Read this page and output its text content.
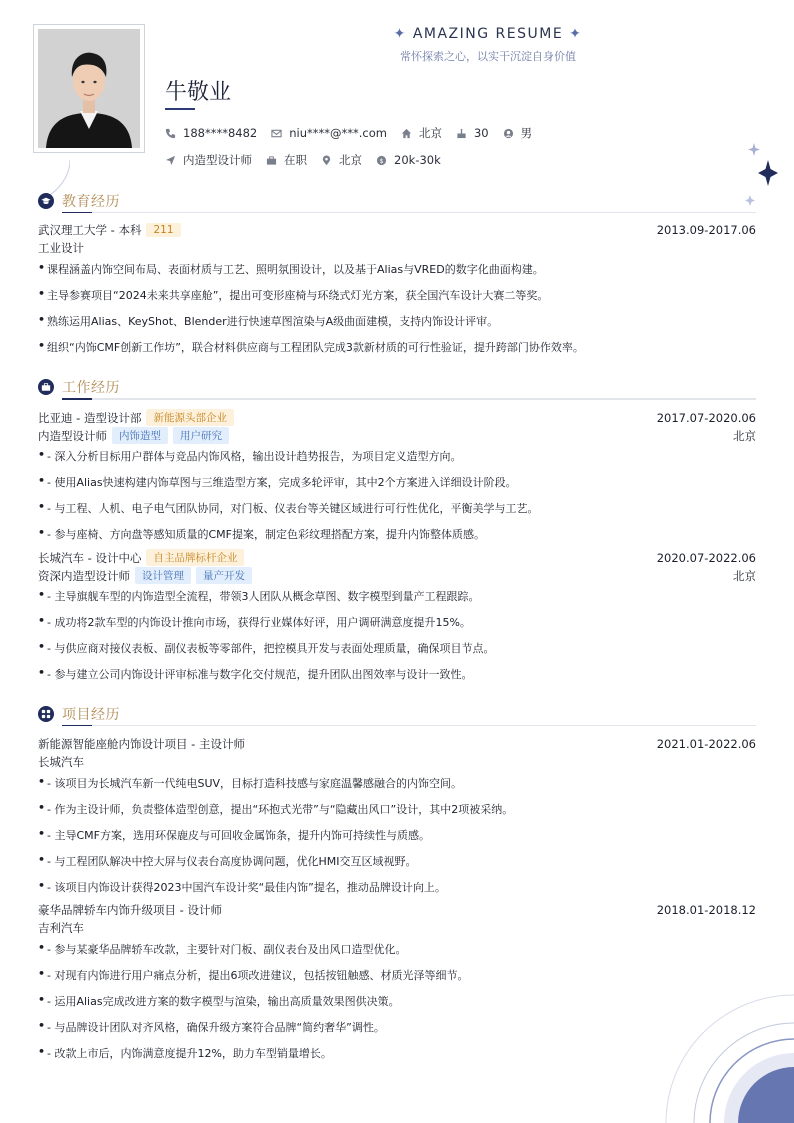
✦ AMAZING RESUME ✦
常怀探索之心，以实干沉淀自身价值
牛敬业
188****8482	niu****@***.com	北京	30	男
内造型设计师	在职	北京 $ 20k-30k
教育经历
武汉理工大学 - 本科	211	2013.09-2017.06
工业设计
• 课程涵盖内饰空间布局、表面材质与工艺、照明氛围设计，以及基于Alias与VRED的数字化曲面构建。
• 主导参赛项目“2024未来共享座舱”，提出可变形座椅与环绕式灯光方案，获全国汽车设计大赛二等奖。
• 熟练运用Alias、KeyShot、Blender进行快速草图渲染与A级曲面建模，支持内饰设计评审。
• 组织“内饰CMF创新工作坊”，联合材料供应商与工程团队完成3款新材质的可行性验证，提升跨部门协作效率。
工作经历
比亚迪 - 造型设计部	新能源头部企业	2017.07-2020.06
内造型设计师	内饰造型	用户研究	北京
• - 深入分析目标用户群体与竞品内饰风格，输出设计趋势报告，为项目定义造型方向。
• - 使用Alias快速构建内饰草图与三维造型方案，完成多轮评审，其中2个方案进入详细设计阶段。
• - 与工程、人机、电子电气团队协同，对门板、仪表台等关键区域进行可行性优化，平衡美学与工艺。
• - 参与座椅、方向盘等感知质量的CMF提案，制定色彩纹理搭配方案，提升内饰整体质感。
长城汽车 - 设计中心	自主品牌标杆企业	2020.07-2022.06
资深内造型设计师	设计管理	量产开发	北京
• - 主导旗舰车型的内饰造型全流程，带领3人团队从概念草图、数字模型到量产工程跟踪。
• - 成功将2款车型的内饰设计推向市场，获得行业媒体好评，用户调研满意度提升15%。
• - 与供应商对接仪表板、副仪表板等零部件，把控模具开发与表面处理质量，确保项目节点。
• - 参与建立公司内饰设计评审标准与数字化交付规范，提升团队出图效率与设计一致性。
项目经历
新能源智能座舱内饰设计项目 - 主设计师	2021.01-2022.06
长城汽车
• - 该项目为长城汽车新一代纯电SUV，目标打造科技感与家庭温馨感融合的内饰空间。
• - 作为主设计师，负责整体造型创意，提出“环抱式光带”与“隐藏出风口”设计，其中2项被采纳。
• - 主导CMF方案，选用环保鹿皮与可回收金属饰条，提升内饰可持续性与质感。
• - 与工程团队解决中控大屏与仪表台高度协调问题，优化HMI交互区域视野。
• - 该项目内饰设计获得2023中国汽车设计奖“最佳内饰”提名，推动品牌设计向上。
豪华品牌轿车内饰升级项目 - 设计师	2018.01-2018.12
吉利汽车
• - 参与某豪华品牌轿车改款，主要针对门板、副仪表台及出风口造型优化。
• - 对现有内饰进行用户痛点分析，提出6项改进建议，包括按钮触感、材质光泽等细节。
• - 运用Alias完成改进方案的数字模型与渲染，输出高质量效果图供决策。
• - 与品牌设计团队对齐风格，确保升级方案符合品牌“简约奢华”调性。
• - 改款上市后，内饰满意度提升12%，助力车型销量增长。
